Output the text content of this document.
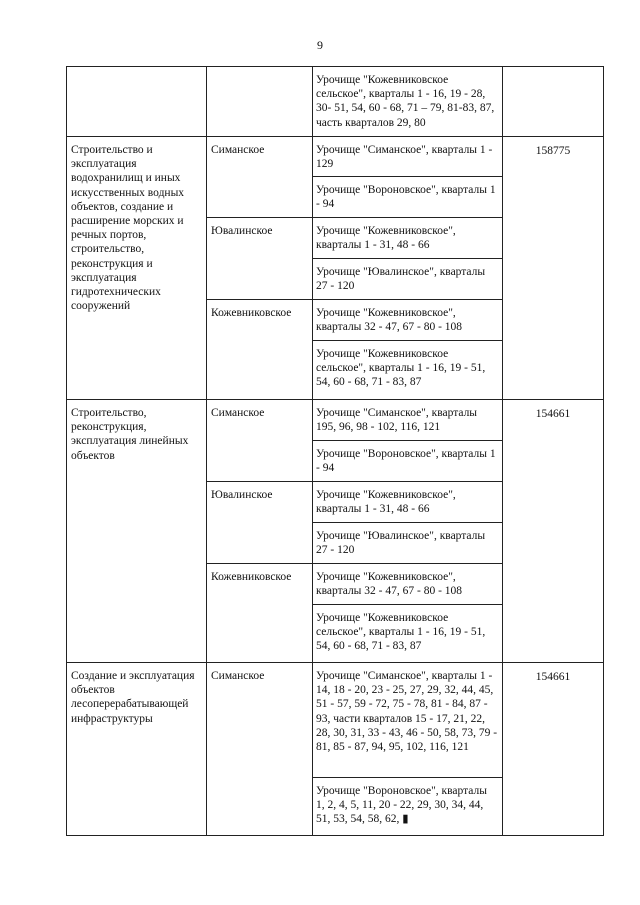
9
		Урочище "Кожевниковское сельское", кварталы 1 - 16, 19 - 28, 30- 51, 54, 60 - 68, 71 – 79, 81-83, 87, часть кварталов 29, 80	
Строительство и эксплуатация водохранилищ и иных искусственных водных объектов, создание и расширение морских и речных портов, строительство, реконструкция и эксплуатация гидротехнических сооружений	Симанское	Урочище "Симанское", кварталы 1 - 129	158775
		Урочище "Вороновское", кварталы 1 - 94	
	Ювалинское	Урочище "Кожевниковское", кварталы 1 - 31, 48 - 66	
		Урочище "Ювалинское", кварталы 27 - 120	
	Кожевниковское	Урочище "Кожевниковское", кварталы 32 - 47, 67 - 80 - 108	
		Урочище "Кожевниковское сельское", кварталы 1 - 16, 19 - 51, 54, 60 - 68, 71 - 83, 87	
Строительство, реконструкция, эксплуатация линейных объектов	Симанское	Урочище "Симанское", кварталы 195, 96, 98 - 102, 116, 121	154661
		Урочище "Вороновское", кварталы 1 - 94	
	Ювалинское	Урочище "Кожевниковское", кварталы 1 - 31, 48 - 66	
		Урочище "Ювалинское", кварталы 27 - 120	
	Кожевниковское	Урочище "Кожевниковское", кварталы 32 - 47, 67 - 80 - 108	
		Урочище "Кожевниковское сельское", кварталы 1 - 16, 19 - 51, 54, 60 - 68, 71 - 83, 87	
Создание и эксплуатация объектов лесоперерабатывающей инфраструктуры	Симанское	Урочище "Симанское", кварталы 1 - 14, 18 - 20, 23 - 25, 27, 29, 32, 44, 45, 51 - 57, 59 - 72, 75 - 78, 81 - 84, 87 - 93, части кварталов 15 - 17, 21, 22, 28, 30, 31, 33 - 43, 46 - 50, 58, 73, 79 - 81, 85 - 87, 94, 95, 102, 116, 121	154661
		Урочище "Вороновское", кварталы 1, 2, 4, 5, 11, 20 - 22, 29, 30, 34, 44, 51, 53, 54, 58, 62, ▮	
